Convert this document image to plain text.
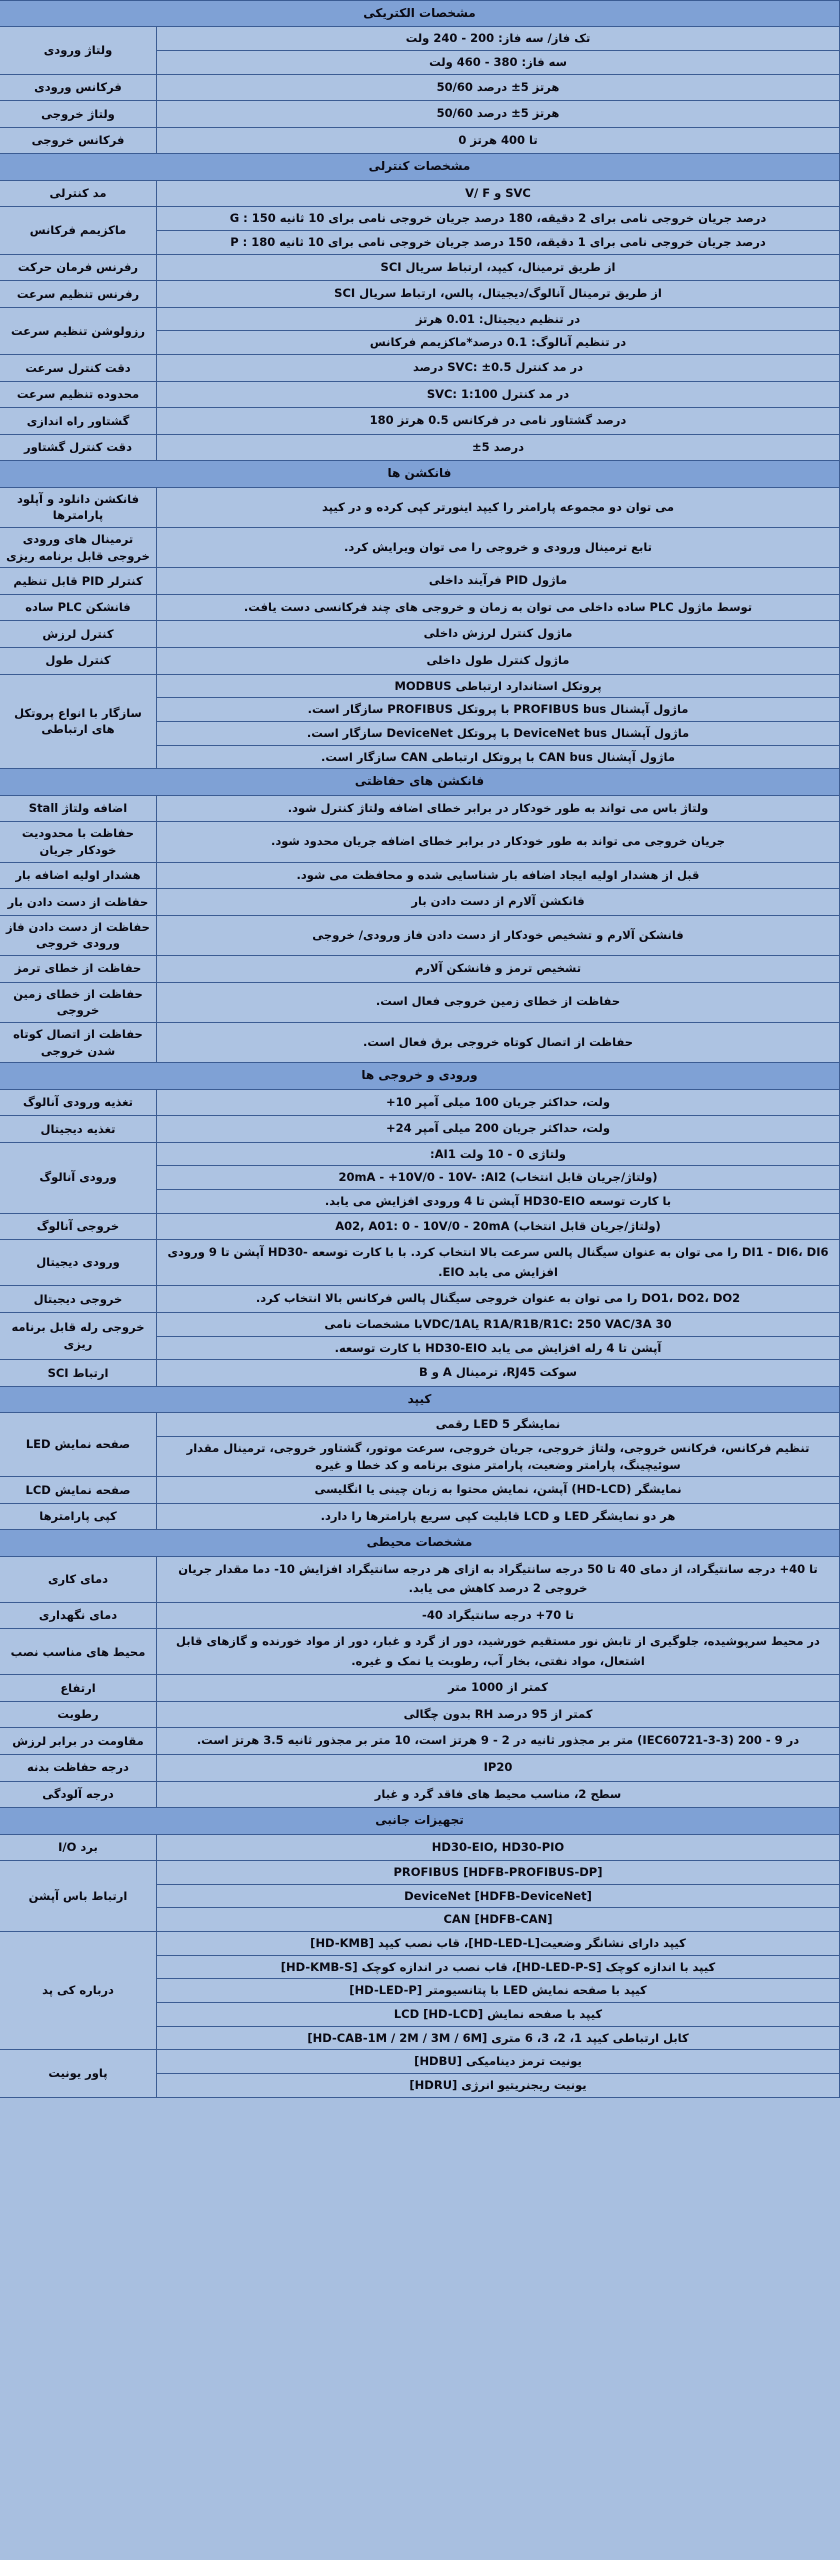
مشخصات الکتریکی	
تک فاز/ سه فاز: 200 - 240 ولت	ولتاژ ورودی
سه فاز: 380 - 460 ولت	
هرتز 5± درصد 50/60	فرکانس ورودی
هرتز 5± درصد 50/60	ولتاژ خروجی
تا 400 هرتز 0	فرکانس خروجی
مشخصات کنترلی	
SVC و V/ F	مد کنترلی
درصد جریان خروجی نامی برای 2 دقیقه، 180 درصد جریان خروجی نامی برای 10 ثانیه G : 150	ماکزیمم فرکانس
درصد جریان خروجی نامی برای 1 دقیقه، 150 درصد جریان خروجی نامی برای 10 ثانیه P : 180	
از طریق ترمینال، کیپد، ارتباط سریال SCI	رفرنس فرمان حرکت
از طریق ترمینال آنالوگ/دیجیتال، پالس، ارتباط سریال SCI	رفرنس تنظیم سرعت
در تنظیم دیجیتال: 0.01 هرتز	رزولوشن تنظیم سرعت
در تنظیم آنالوگ: 0.1 درصد*ماکزیمم فرکانس	
در مد کنترل SVC: ±0.5 درصد	دقت کنترل سرعت
در مد کنترل SVC: 1:100	محدوده تنظیم سرعت
درصد گشتاور نامی در فرکانس 0.5 هرتز 180	گشتاور راه اندازی
درصد 5±	دقت کنترل گشتاور
فانکشن ها	
می توان دو مجموعه پارامتر را کیپد اینورتر کپی کرده و در کیپد	فانکشن دانلود و آپلود پارامترها
تابع ترمینال ورودی و خروجی را می توان ویرایش کرد.	ترمینال های ورودی خروجی قابل برنامه ریزی
ماژول PID فرآیند داخلی	کنترلر PID قابل تنظیم
توسط ماژول PLC ساده داخلی می توان به زمان و خروجی های چند فرکانسی دست یافت.	فانشکن PLC ساده
ماژول کنترل لرزش داخلی	کنترل لرزش
ماژول کنترل طول داخلی	کنترل طول
پروتکل استاندارد ارتباطی MODBUS	سازگار با انواع پروتکل های ارتباطی
ماژول آپشنال PROFIBUS bus با پروتکل PROFIBUS سازگار است.	
ماژول آپشنال DeviceNet bus با پروتکل DeviceNet سازگار است.	
ماژول آپشنال CAN bus با پروتکل ارتباطی CAN سازگار است.	
فانکشن های حفاظتی	
ولتاژ باس می تواند به طور خودکار در برابر خطای اضافه ولتاژ کنترل شود.	اضافه ولتاژ Stall
جریان خروجی می تواند به طور خودکار در برابر خطای اضافه جریان محدود شود.	حفاظت با محدودیت خودکار جریان
قبل از هشدار اولیه ایجاد اضافه بار شناسایی شده و محافظت می شود.	هشدار اولیه اضافه بار
فانکشن آلارم از دست دادن بار	حفاظت از دست دادن بار
فانشکن آلارم و تشخیص خودکار از دست دادن فاز ورودی/ خروجی	حفاظت از دست دادن فاز ورودی خروجی
تشخیص ترمز و فانشکن آلارم	حفاظت از خطای ترمز
حفاظت از خطای زمین خروجی فعال است.	حفاظت از خطای زمین خروجی
حفاظت از اتصال کوتاه خروجی برق فعال است.	حفاظت از اتصال کوتاه شدن خروجی
ورودی و خروجی ها	
ولت، حداکثر جریان 100 میلی آمپر 10+	تغذیه ورودی آنالوگ
ولت، حداکثر جریان 200 میلی آمپر 24+	تغذیه دیجیتال
ولتاژی 0 - 10 ولت AI1:	ورودی آنالوگ
(ولتاژ/جریان قابل انتخاب) 20mA - +10V/0 - 10V- :AI2	
با کارت توسعه HD30-EIO آپشن تا 4 ورودی افزایش می یابد.	
(ولتاژ/جریان قابل انتخاب) A02, A01: 0 - 10V/0 - 20mA	خروجی آنالوگ
DI1 - DI6، DI6 را می توان به عنوان سیگنال پالس سرعت بالا انتخاب کرد. با با کارت توسعه -HD30 آپشن تا 9 ورودی افزایش می یابد EIO.	ورودی دیجیتال
DO1، DO2، DO2 را می توان به عنوان خروجی سیگنال پالس فرکانس بالا انتخاب کرد.	خروجی دیجیتال
R1A/R1B/R1C: 250 VAC/3A 30 یاVDC/1Aبا مشخصات نامی	خروجی رله قابل برنامه ریزی
آپشن تا 4 رله افزایش می یابد HD30-EIO با کارت توسعه.	
سوکت RJ45، ترمینال A و B	ارتباط SCI
کیپد	
نمایشگر LED 5 رقمی	صفحه نمایش LED
تنظیم فرکانس، فرکانس خروجی، ولتاژ خروجی، جریان خروجی، سرعت موتور، گشتاور خروجی، ترمینال مقدار سوئیچینگ، پارامتر وضعیت، پارامتر منوی برنامه و کد خطا و غیره	
نمایشگر (HD-LCD) آپشن، نمایش محتوا به زبان چینی یا انگلیسی	صفحه نمایش LCD
هر دو نمایشگر LED و LCD قابلیت کپی سریع پارامترها را دارد.	کپی پارامترها
مشخصات محیطی	
تا 40+ درجه سانتیگراد، از دمای 40 تا 50 درجه سانتیگراد به ازای هر درجه سانتیگراد افزایش 10- دما مقدار جریان خروجی 2 درصد کاهش می یابد.	دمای کاری
تا 70+ درجه سانتیگراد 40-	دمای نگهداری
در محیط سرپوشیده، جلوگیری از تابش نور مستقیم خورشید، دور از گرد و غبار، دور از مواد خورنده و گازهای قابل اشتعال، مواد نفتی، بخار آب، رطوبت یا نمک و غیره.	محیط های مناسب نصب
کمتر از 1000 متر	ارتفاع
کمتر از 95 درصد RH بدون چگالی	رطوبت
در 9 - 200 (IEC60721-3-3) متر بر مجذور ثانیه در 2 - 9 هرتز است، 10 متر بر مجذور ثانیه 3.5 هرتز است.	مقاومت در برابر لرزش
IP20	درجه حفاظت بدنه
سطح 2، مناسب محیط های فاقد گرد و غبار	درجه آلودگی
تجهیزات جانبی	
HD30-EIO, HD30-PIO	برد I/O
PROFIBUS [HDFB-PROFIBUS-DP]	ارتباط باس آپشن
DeviceNet [HDFB-DeviceNet]	
CAN [HDFB-CAN]	
کیپد دارای نشانگر وضعیت[HD-LED-L]، قاب نصب کیپد [HD-KMB]	درباره کی پد
کیپد با اندازه کوچک [HD-LED-P-S]، قاب نصب در اندازه کوچک [HD-KMB-S]	
کیپد با صفحه نمایش LED با پتانسیومتر [HD-LED-P]	
کیپد با صفحه نمایش LCD [HD-LCD]	
کابل ارتباطی کیپد 1، 2، 3، 6 متری [HD-CAB-1M / 2M / 3M / 6M]	
یونیت ترمز دینامیکی [HDBU]	پاور یونیت
یونیت ریجنریتیو انرژی [HDRU]	
